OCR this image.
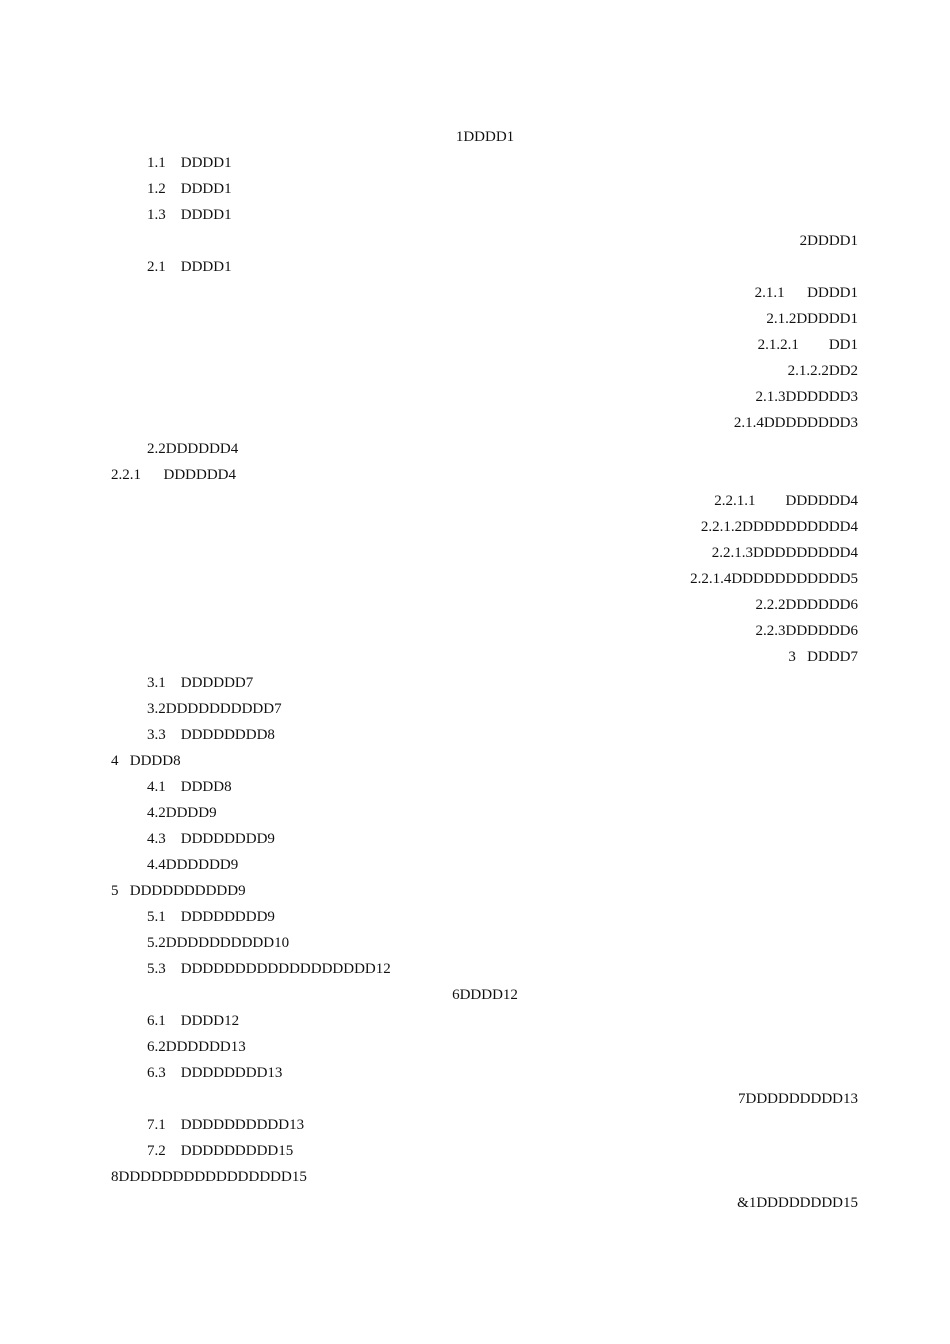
1DDDD1
1.1 DDDD1
1.2 DDDD1
1.3 DDDD1
2DDDD1
2.1 DDDD1
2.1.1 DDDD1
2.1.2DDDDD1
2.1.2.1 DD1
2.1.2.2DD2
2.1.3DDDDDD3
2.1.4DDDDDDDD3
2.2DDDDDD4
2.2.1 DDDDDD4
2.2.1.1 DDDDDD4
2.2.1.2DDDDDDDDDD4
2.2.1.3DDDDDDDDD4
2.2.1.4DDDDDDDDDDD5
2.2.2DDDDDD6
2.2.3DDDDDD6
3 DDDD7
3.1 DDDDDD7
3.2DDDDDDDDDD7
3.3 DDDDDDDD8
4 DDDD8
4.1 DDDD8
4.2DDDD9
4.3 DDDDDDDD9
4.4DDDDDD9
5 DDDDDDDDDD9
5.1 DDDDDDDD9
5.2DDDDDDDDDD10
5.3 DDDDDDDDDDDDDDDDDD12
6DDDD12
6.1 DDDD12
6.2DDDDDD13
6.3 DDDDDDDD13
7DDDDDDDDD13
7.1 DDDDDDDDDD13
7.2 DDDDDDDDD15
8DDDDDDDDDDDDDDDD15
&1DDDDDDDD15
